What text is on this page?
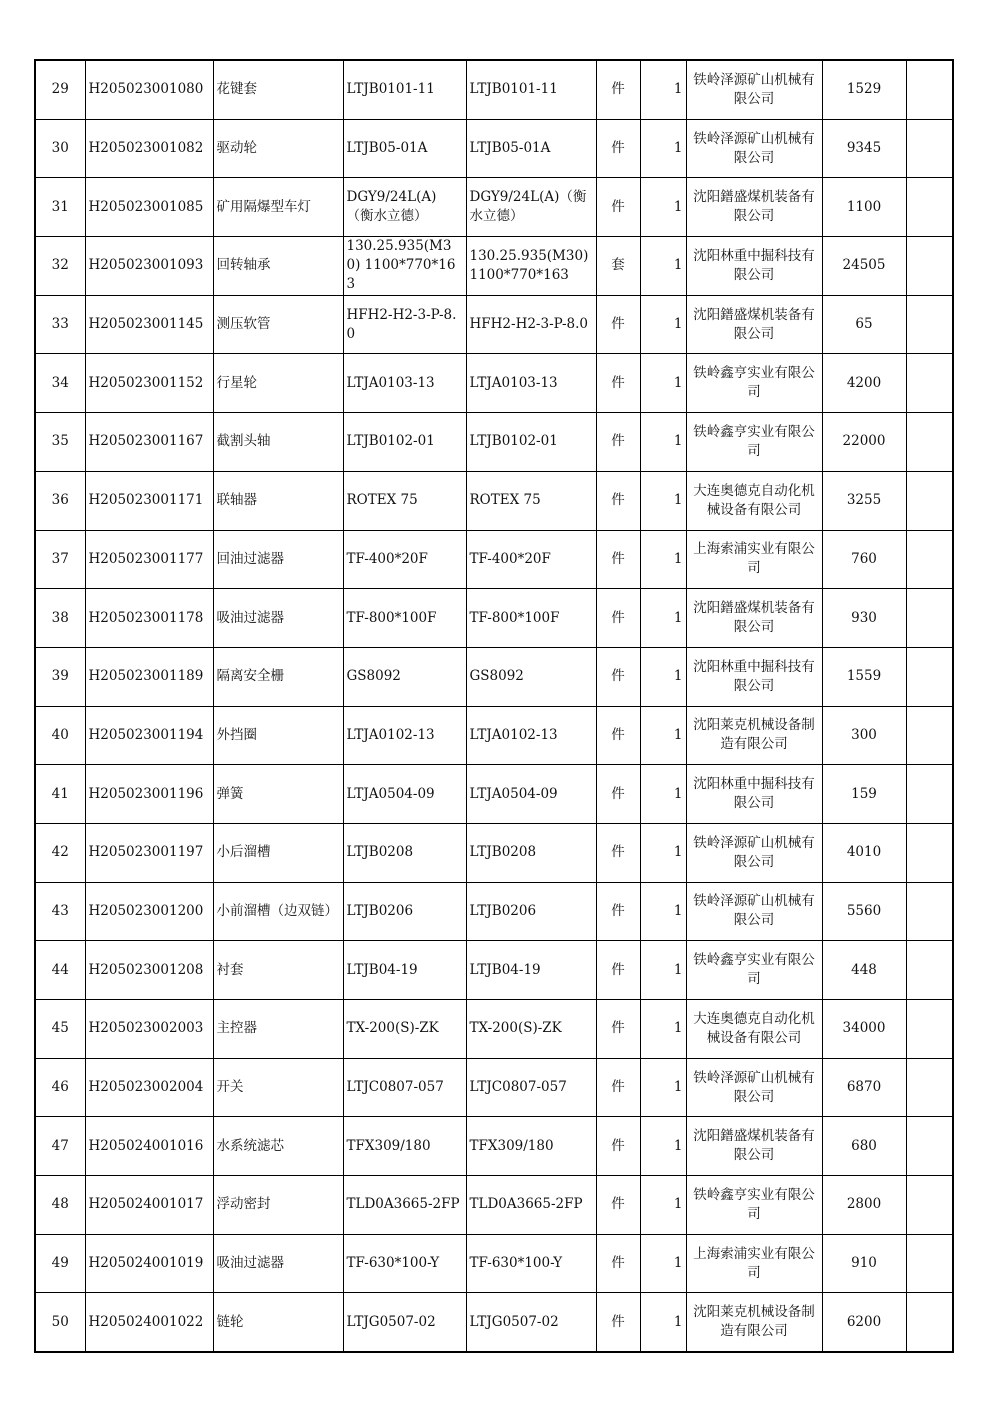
29	H205023001080	花键套	LTJB0101-11	LTJB0101-11	件	1	铁岭泽源矿山机械有限公司	1529	
30	H205023001082	驱动轮	LTJB05-01A	LTJB05-01A	件	1	铁岭泽源矿山机械有限公司	9345	
31	H205023001085	矿用隔爆型车灯	DGY9/24L(A)（衡水立德）	DGY9/24L(A)（衡水立德）	件	1	沈阳鐠盛煤机装备有限公司	1100	
32	H205023001093	回转轴承	130.25.935(M30) 1100*770*163	130.25.935(M30) 1100*770*163	套	1	沈阳林重中掘科技有限公司	24505	
33	H205023001145	测压软管	HFH2-H2-3-P-8.0	HFH2-H2-3-P-8.0	件	1	沈阳鐠盛煤机装备有限公司	65	
34	H205023001152	行星轮	LTJA0103-13	LTJA0103-13	件	1	铁岭鑫亨实业有限公司	4200	
35	H205023001167	截割头轴	LTJB0102-01	LTJB0102-01	件	1	铁岭鑫亨实业有限公司	22000	
36	H205023001171	联轴器	ROTEX 75	ROTEX 75	件	1	大连奥德克自动化机械设备有限公司	3255	
37	H205023001177	回油过滤器	TF-400*20F	TF-400*20F	件	1	上海索浦实业有限公司	760	
38	H205023001178	吸油过滤器	TF-800*100F	TF-800*100F	件	1	沈阳鐠盛煤机装备有限公司	930	
39	H205023001189	隔离安全栅	GS8092	GS8092	件	1	沈阳林重中掘科技有限公司	1559	
40	H205023001194	外挡圈	LTJA0102-13	LTJA0102-13	件	1	沈阳莱克机械设备制造有限公司	300	
41	H205023001196	弹簧	LTJA0504-09	LTJA0504-09	件	1	沈阳林重中掘科技有限公司	159	
42	H205023001197	小后溜槽	LTJB0208	LTJB0208	件	1	铁岭泽源矿山机械有限公司	4010	
43	H205023001200	小前溜槽（边双链）	LTJB0206	LTJB0206	件	1	铁岭泽源矿山机械有限公司	5560	
44	H205023001208	衬套	LTJB04-19	LTJB04-19	件	1	铁岭鑫亨实业有限公司	448	
45	H205023002003	主控器	TX-200(S)-ZK	TX-200(S)-ZK	件	1	大连奥德克自动化机械设备有限公司	34000	
46	H205023002004	开关	LTJC0807-057	LTJC0807-057	件	1	铁岭泽源矿山机械有限公司	6870	
47	H205024001016	水系统滤芯	TFX309/180	TFX309/180	件	1	沈阳鐠盛煤机装备有限公司	680	
48	H205024001017	浮动密封	TLD0A3665-2FP	TLD0A3665-2FP	件	1	铁岭鑫亨实业有限公司	2800	
49	H205024001019	吸油过滤器	TF-630*100-Y	TF-630*100-Y	件	1	上海索浦实业有限公司	910	
50	H205024001022	链轮	LTJG0507-02	LTJG0507-02	件	1	沈阳莱克机械设备制造有限公司	6200	
